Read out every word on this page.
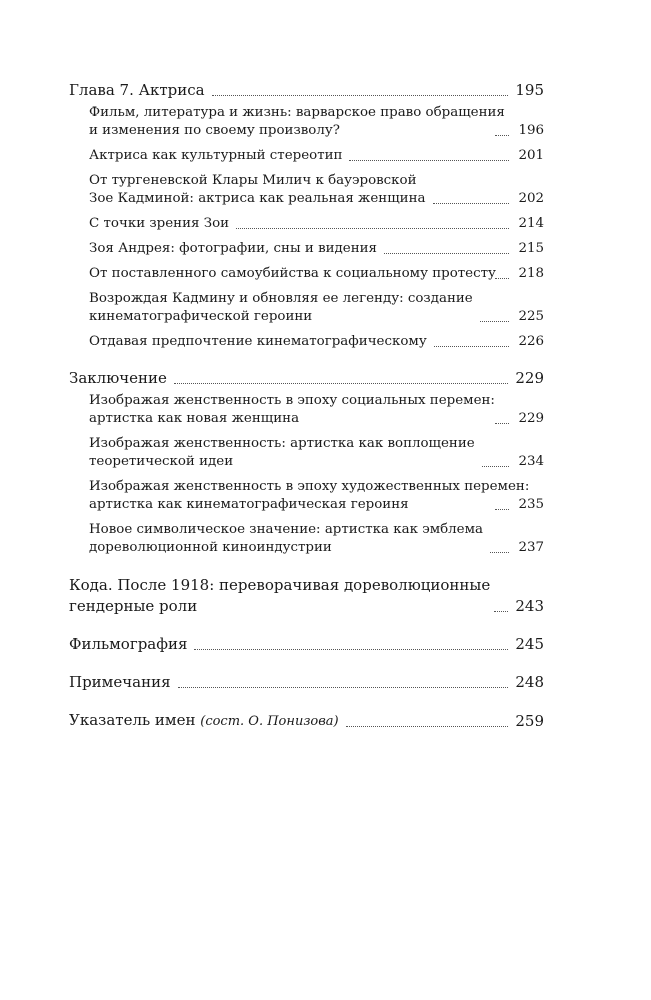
Глава 7. Актриса	195
Фильм, литература и жизнь: варварское право обращения
и изменения по своему произволу?	196
Актриса как культурный стереотип	201
От тургеневской Клары Милич к бауэровской
Зое Кадминой: актриса как реальная женщина	202
С точки зрения Зои	214
Зоя Андрея: фотографии, сны и видения	215
От поставленного самоубийства к социальному протесту 218
Возрождая Кадмину и обновляя ее легенду: создание
кинематографической героини	225
Отдавая предпочтение кинематографическому	226
Заключение	229
Изображая женственность в эпоху социальных перемен:
артистка как новая женщина	229
Изображая женственность: артистка как воплощение
теоретической идеи	234
Изображая женственность в эпоху художественных перемен:
артистка как кинематографическая героиня	235
Новое символическое значение: артистка как эмблема
дореволюционной киноиндустрии	237
Кода. После 1918: переворачивая дореволюционные
гендерные роли	243
Фильмография	245
Примечания	248
Указатель имен (сост. О. Понизова)	259
